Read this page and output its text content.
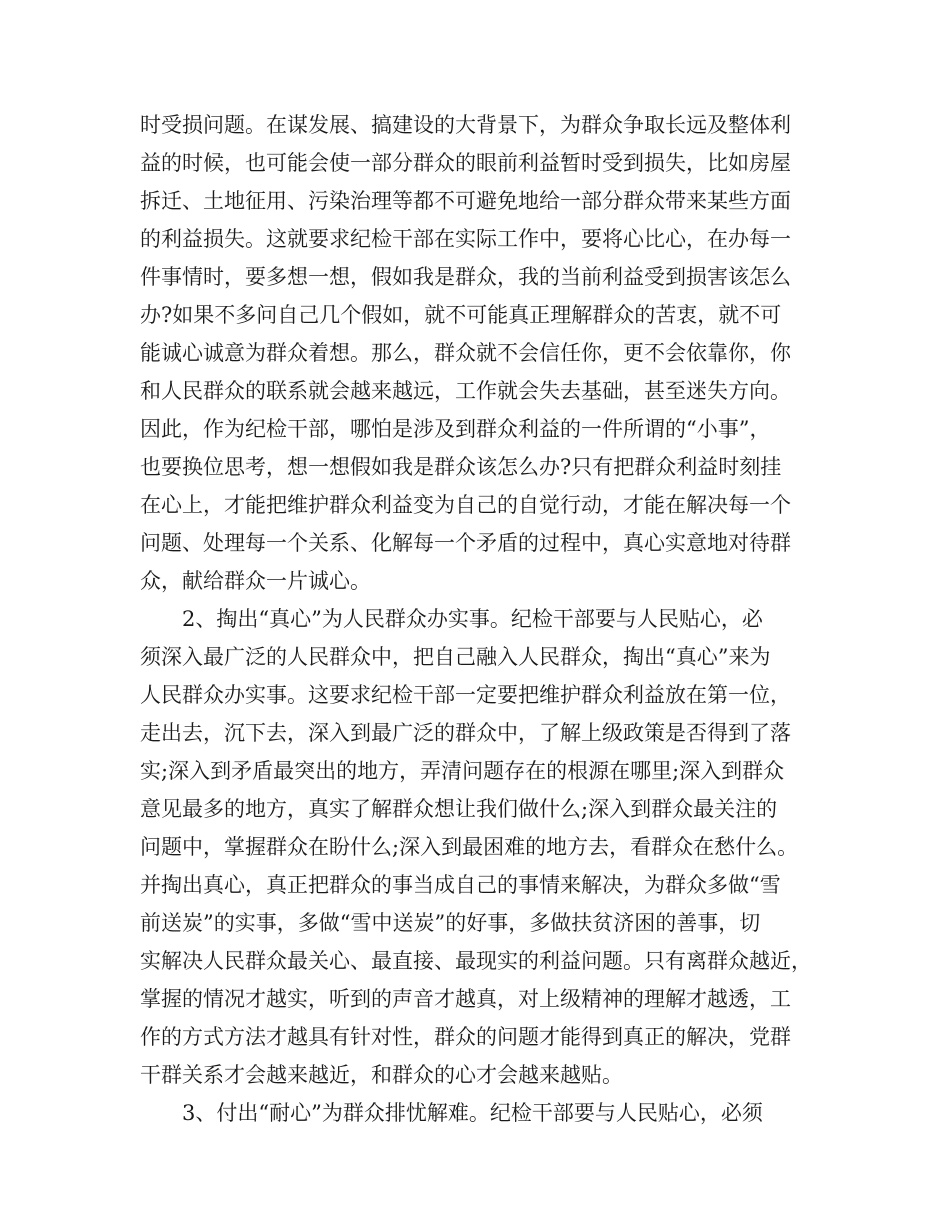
时受损问题。在谋发展、搞建设的大背景下，为群众争取长远及整体利
益的时候，也可能会使一部分群众的眼前利益暂时受到损失，比如房屋
拆迁、土地征用、污染治理等都不可避免地给一部分群众带来某些方面
的利益损失。这就要求纪检干部在实际工作中，要将心比心，在办每一
件事情时，要多想一想，假如我是群众，我的当前利益受到损害该怎么
办?如果不多问自己几个假如，就不可能真正理解群众的苦衷，就不可
能诚心诚意为群众着想。那么，群众就不会信任你，更不会依靠你，你
和人民群众的联系就会越来越远，工作就会失去基础，甚至迷失方向。
因此，作为纪检干部，哪怕是涉及到群众利益的一件所谓的“小事”，
也要换位思考，想一想假如我是群众该怎么办?只有把群众利益时刻挂
在心上，才能把维护群众利益变为自己的自觉行动，才能在解决每一个
问题、处理每一个关系、化解每一个矛盾的过程中，真心实意地对待群
众，献给群众一片诚心。
2、掏出“真心”为人民群众办实事。纪检干部要与人民贴心，必
须深入最广泛的人民群众中，把自己融入人民群众，掏出“真心”来为
人民群众办实事。这要求纪检干部一定要把维护群众利益放在第一位，
走出去，沉下去，深入到最广泛的群众中，了解上级政策是否得到了落
实;深入到矛盾最突出的地方，弄清问题存在的根源在哪里;深入到群众
意见最多的地方，真实了解群众想让我们做什么;深入到群众最关注的
问题中，掌握群众在盼什么;深入到最困难的地方去，看群众在愁什么。
并掏出真心，真正把群众的事当成自己的事情来解决，为群众多做“雪
前送炭”的实事，多做“雪中送炭”的好事，多做扶贫济困的善事，切
实解决人民群众最关心、最直接、最现实的利益问题。只有离群众越近，
掌握的情况才越实，听到的声音才越真，对上级精神的理解才越透，工
作的方式方法才越具有针对性，群众的问题才能得到真正的解决，党群
干群关系才会越来越近，和群众的心才会越来越贴。
3、付出“耐心”为群众排忧解难。纪检干部要与人民贴心，必须
